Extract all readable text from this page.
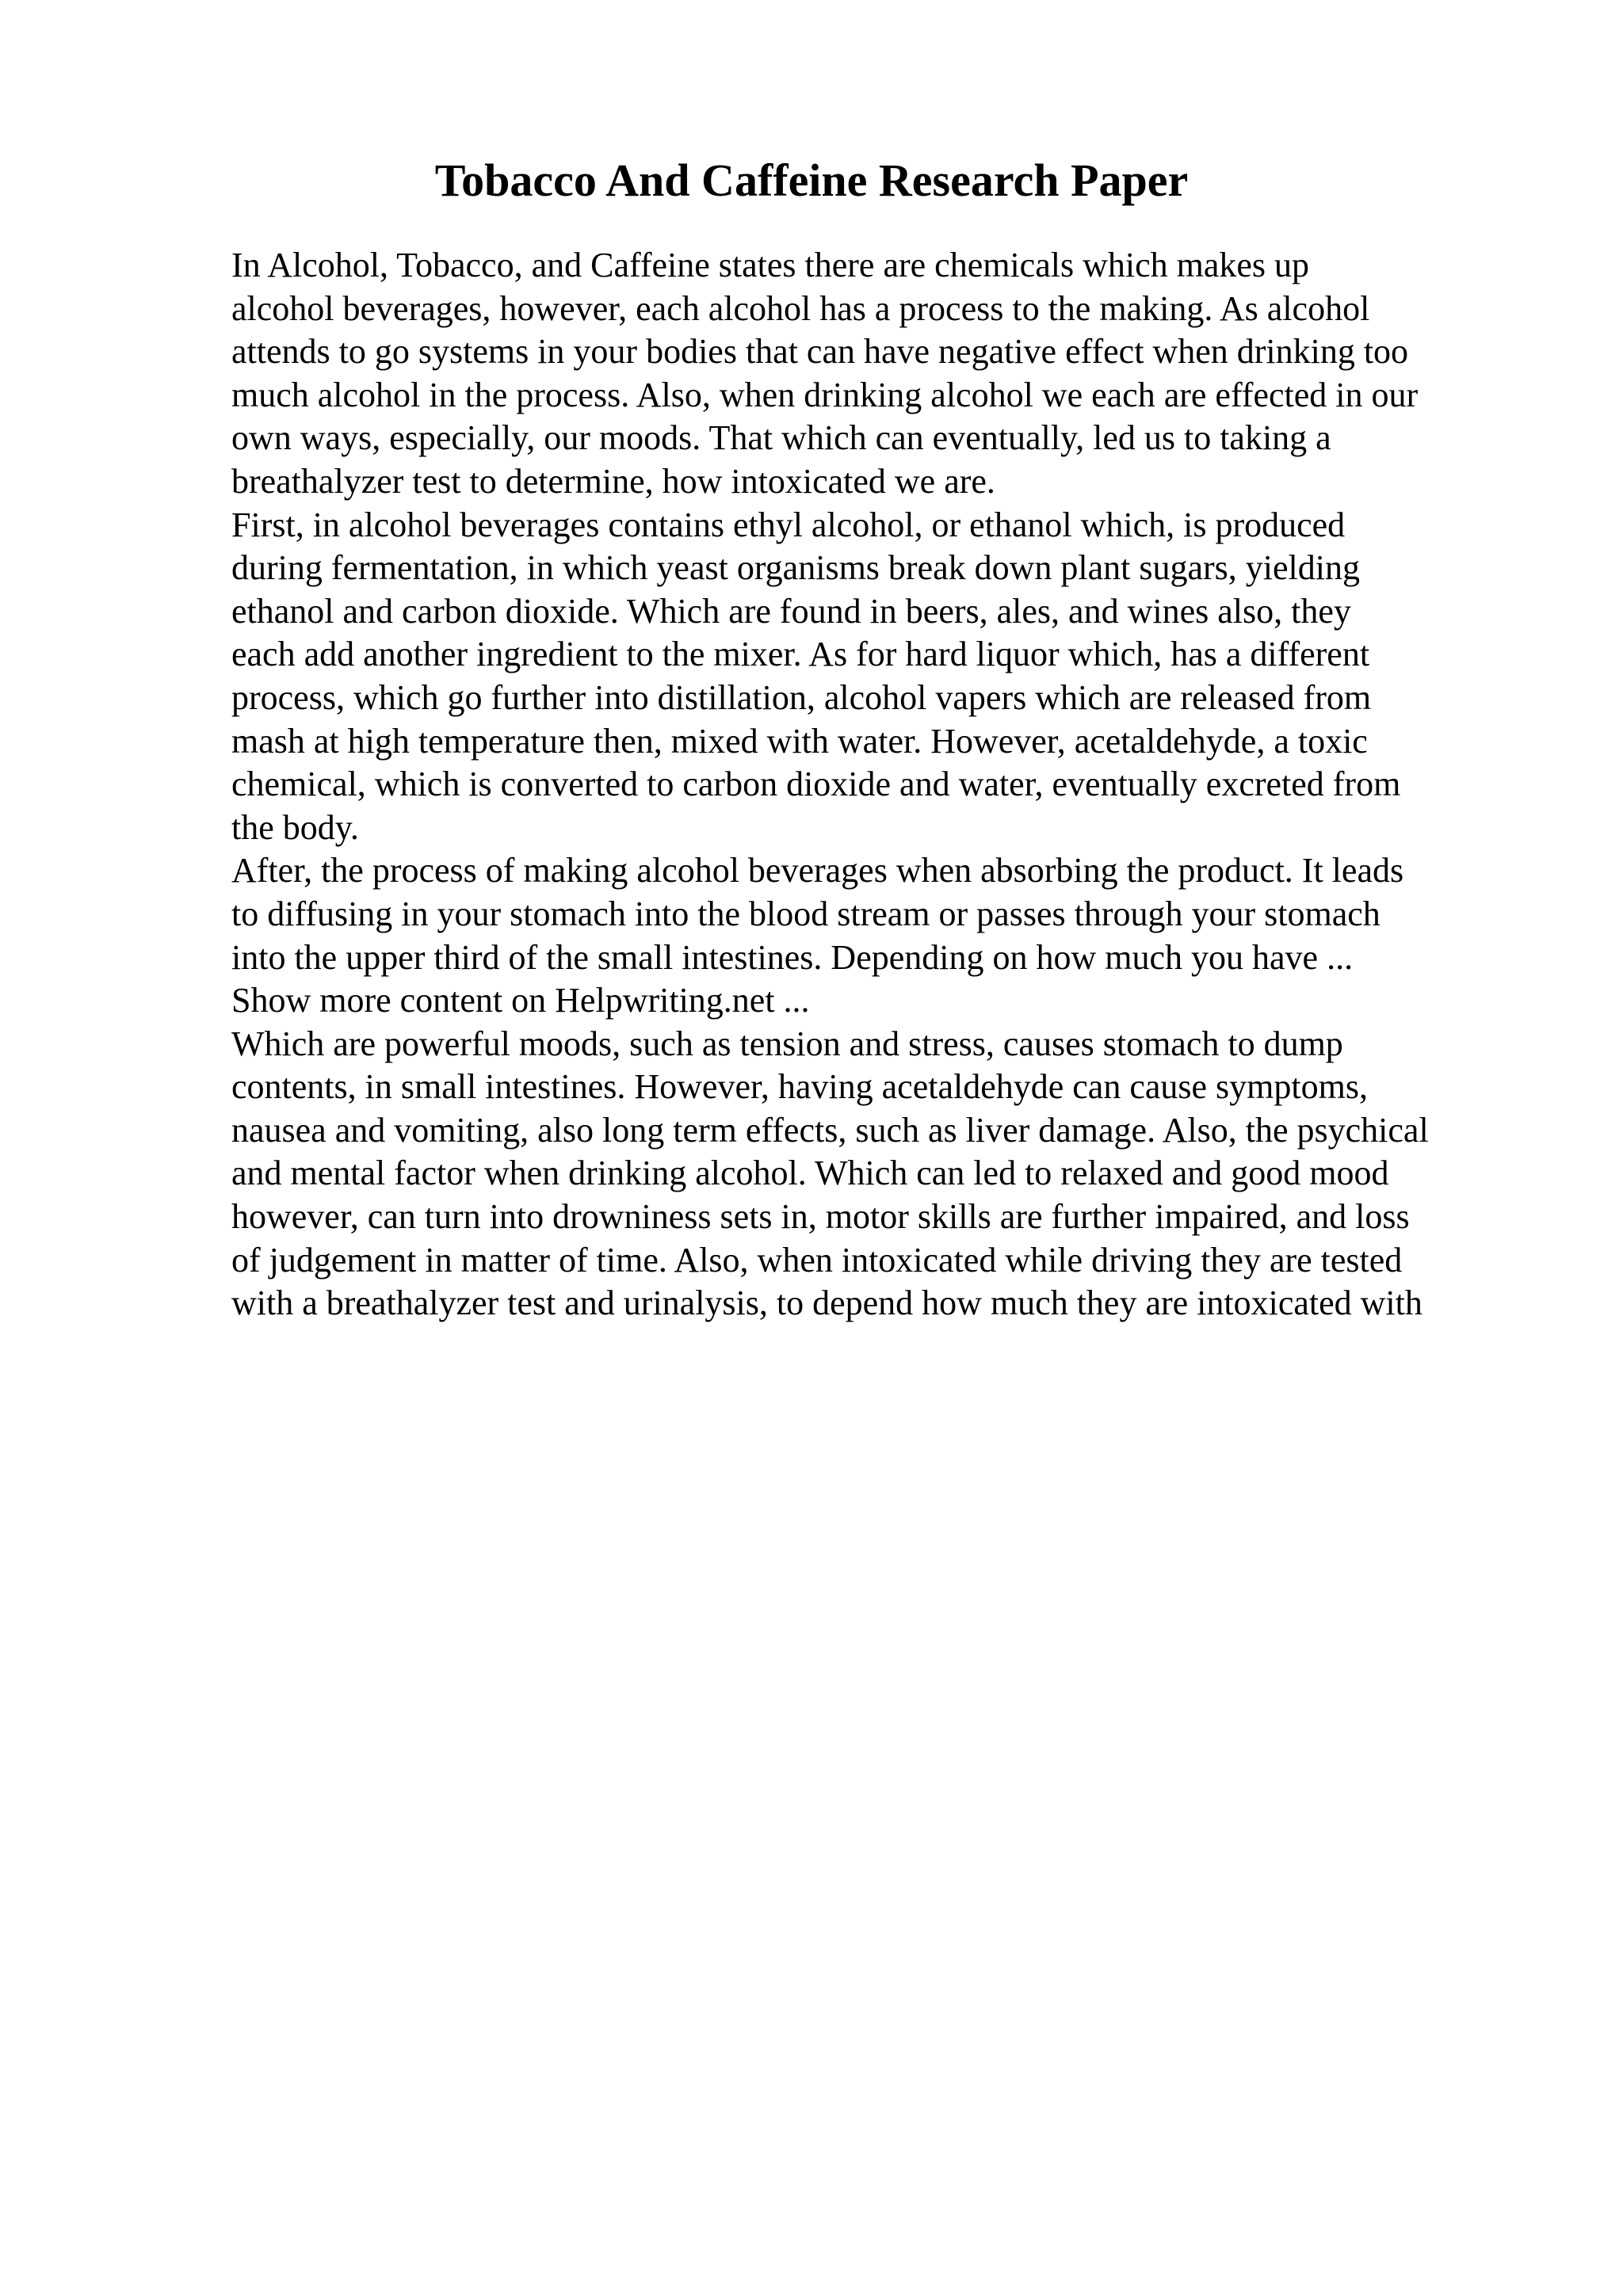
Tobacco And Caffeine Research Paper
In Alcohol, Tobacco, and Caffeine states there are chemicals which makes up
alcohol beverages, however, each alcohol has a process to the making. As alcohol
attends to go systems in your bodies that can have negative effect when drinking too
much alcohol in the process. Also, when drinking alcohol we each are effected in our
own ways, especially, our moods. That which can eventually, led us to taking a
breathalyzer test to determine, how intoxicated we are.
First, in alcohol beverages contains ethyl alcohol, or ethanol which, is produced
during fermentation, in which yeast organisms break down plant sugars, yielding
ethanol and carbon dioxide. Which are found in beers, ales, and wines also, they
each add another ingredient to the mixer. As for hard liquor which, has a different
process, which go further into distillation, alcohol vapers which are released from
mash at high temperature then, mixed with water. However, acetaldehyde, a toxic
chemical, which is converted to carbon dioxide and water, eventually excreted from
the body.
After, the process of making alcohol beverages when absorbing the product. It leads
to diffusing in your stomach into the blood stream or passes through your stomach
into the upper third of the small intestines. Depending on how much you have ...
Show more content on Helpwriting.net ...
Which are powerful moods, such as tension and stress, causes stomach to dump
contents, in small intestines. However, having acetaldehyde can cause symptoms,
nausea and vomiting, also long term effects, such as liver damage. Also, the psychical
and mental factor when drinking alcohol. Which can led to relaxed and good mood
however, can turn into drowniness sets in, motor skills are further impaired, and loss
of judgement in matter of time. Also, when intoxicated while driving they are tested
with a breathalyzer test and urinalysis, to depend how much they are intoxicated with
